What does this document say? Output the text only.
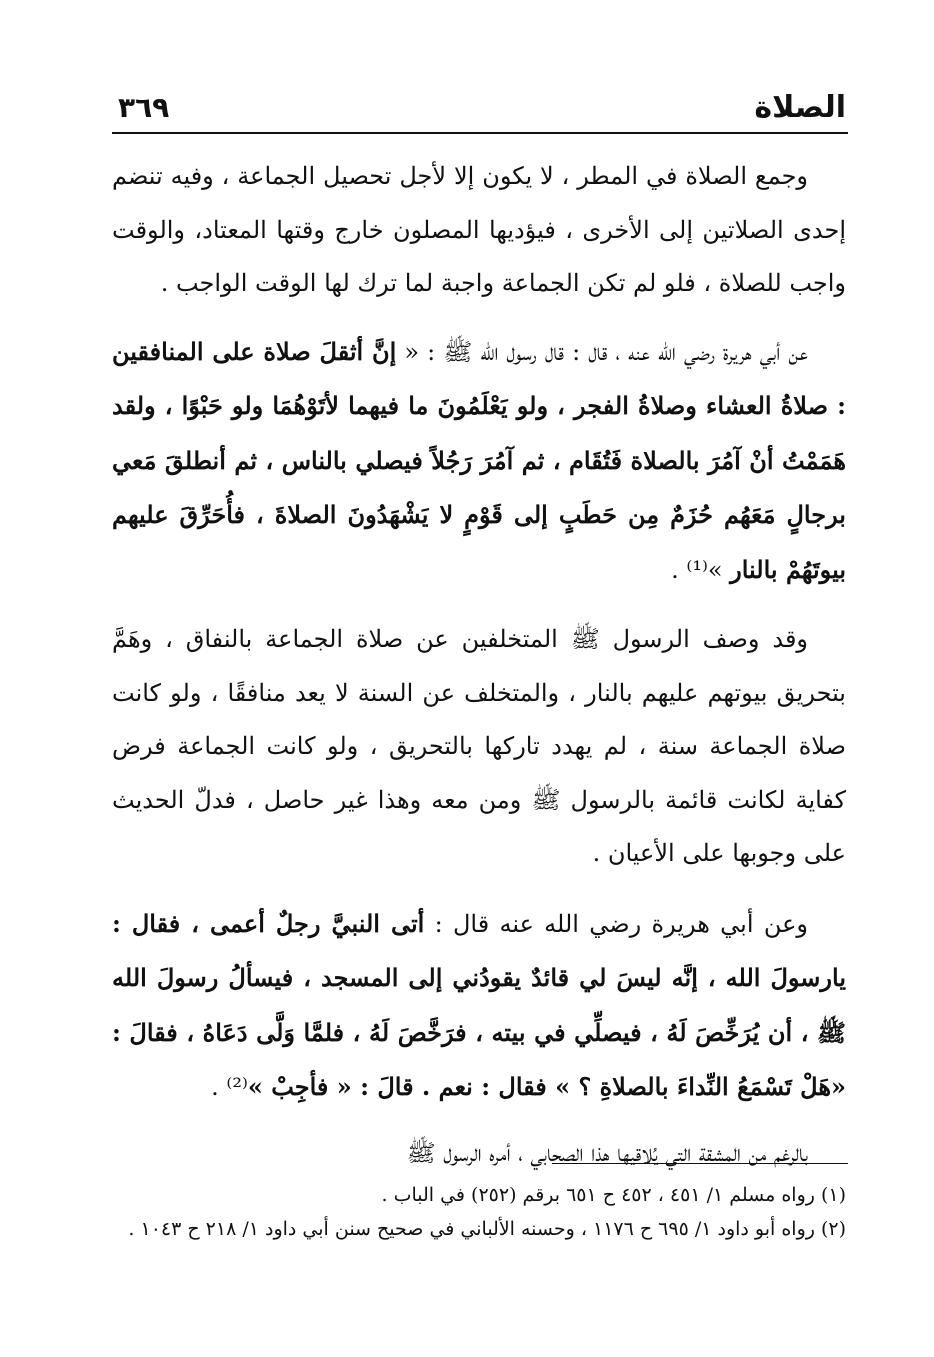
الصلاة
٣٦٩

وجمع الصلاة في المطر ، لا يكون إلا لأجل تحصيل الجماعة ، وفيه تنضم إحدى الصلاتين إلى الأخرى ، فيؤديها المصلون خارج وقتها المعتاد، والوقت واجب للصلاة ، فلو لم تكن الجماعة واجبة لما ترك لها الوقت الواجب .

عن أبي هريرة رضي الله عنه ، قال : قال رسول الله ﷺ : « إنَّ أثقلَ صلاة على المنافقين : صلاةُ العشاء وصلاةُ الفجر ، ولو يَعْلَمُونَ ما فيهما لأتَوْهُمَا ولو حَبْوًا ، ولقد هَمَمْتُ أنْ آمُرَ بالصلاة فَتُقَام ، ثم آمُرَ رَجُلاً فيصلي بالناس ، ثم أنطلقَ مَعي برجالٍ مَعَهُم حُزَمٌ مِن حَطَبٍ إلى قَوْمٍ لا يَشْهَدُونَ الصلاةَ ، فأُحَرِّقَ عليهم بيوتَهُمْ بالنار »⁽¹⁾ .

وقد وصف الرسول ﷺ المتخلفين عن صلاة الجماعة بالنفاق ، وهَمَّ بتحريق بيوتهم عليهم بالنار ، والمتخلف عن السنة لا يعد منافقًا ، ولو كانت صلاة الجماعة سنة ، لم يهدد تاركها بالتحريق ، ولو كانت الجماعة فرض كفاية لكانت قائمة بالرسول ﷺ ومن معه وهذا غير حاصل ، فدلّ الحديث على وجوبها على الأعيان .

وعن أبي هريرة رضي الله عنه قال : أتى النبيَّ رجلٌ أعمى ، فقال : يارسولَ الله ، إنَّه ليسَ لي قائدٌ يقودُني إلى المسجد ، فيسألُ رسولَ الله ﷺ ، أن يُرَخِّصَ لَهُ ، فيصلِّي في بيته ، فرَخَّصَ لَهُ ، فلمَّا وَلَّى دَعَاهُ ، فقالَ : «هَلْ تَسْمَعُ النِّداءَ بالصلاةِ ؟ » فقال : نعم . قالَ : « فأجِبْ »⁽²⁾ .

بالرغم من المشقة التي يُلاقيها هذا الصحابي ، أمره الرسول ﷺ

(١)رواه مسلم ١/ ٤٥١ ، ٤٥٢ ح ٦٥١ برقم (٢٥٢) في الباب .

(٢)رواه أبو داود ١/ ٦٩٥ ح ١١٧٦ ، وحسنه الألباني في صحيح سنن أبي داود ١/ ٢١٨ ح ١٠٤٣ .
